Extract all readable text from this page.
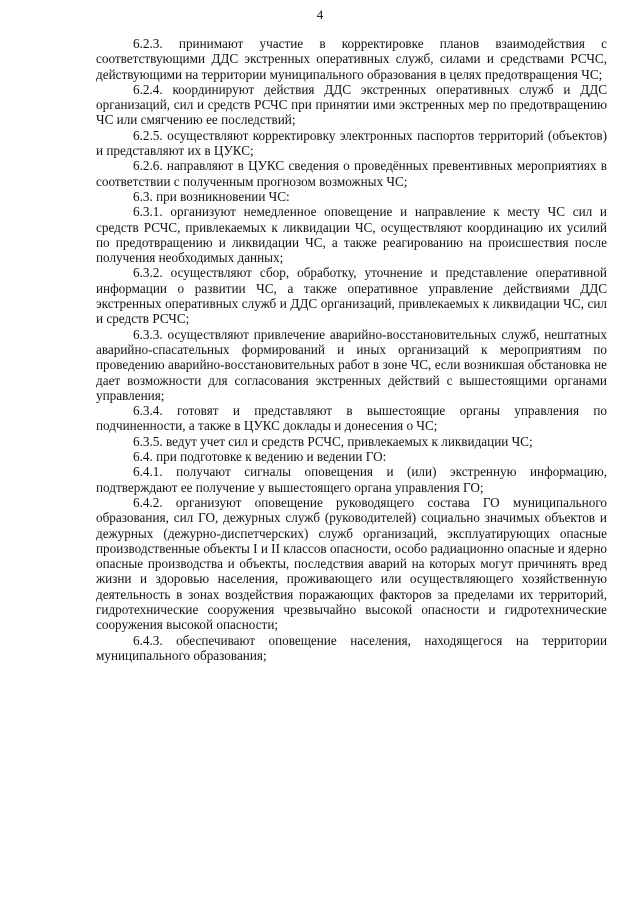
4

6.2.3. принимают участие в корректировке планов взаимодействия с соответствующими ДДС экстренных оперативных служб, силами и средствами РСЧС, действующими на территории муниципального образования в целях предотвращения ЧС;

6.2.4. координируют действия ДДС экстренных оперативных служб и ДДС организаций, сил и средств РСЧС при принятии ими экстренных мер по предотвращению ЧС или смягчению ее последствий;

6.2.5. осуществляют корректировку электронных паспортов территорий (объектов) и представляют их в ЦУКС;

6.2.6. направляют в ЦУКС сведения о проведённых превентивных мероприятиях в соответствии с полученным прогнозом возможных ЧС;

6.3. при возникновении ЧС:

6.3.1. организуют немедленное оповещение и направление к месту ЧС сил и средств РСЧС, привлекаемых к ликвидации ЧС, осуществляют координацию их усилий по предотвращению и ликвидации ЧС, а также реагированию на происшествия после получения необходимых данных;

6.3.2. осуществляют сбор, обработку, уточнение и представление оперативной информации о развитии ЧС, а также оперативное управление действиями ДДС экстренных оперативных служб и ДДС организаций, привлекаемых к ликвидации ЧС, сил и средств РСЧС;

6.3.3. осуществляют привлечение аварийно-восстановительных служб, нештатных аварийно-спасательных формирований и иных организаций к мероприятиям по проведению аварийно-восстановительных работ в зоне ЧС, если возникшая обстановка не дает возможности для согласования экстренных действий с вышестоящими органами управления;

6.3.4. готовят и представляют в вышестоящие органы управления по подчиненности, а также в ЦУКС доклады и донесения о ЧС;

6.3.5. ведут учет сил и средств РСЧС, привлекаемых к ликвидации ЧС;

6.4. при подготовке к ведению и ведении ГО:

6.4.1. получают сигналы оповещения и (или) экстренную информацию, подтверждают ее получение у вышестоящего органа управления ГО;

6.4.2. организуют оповещение руководящего состава ГО муниципального образования, сил ГО, дежурных служб (руководителей) социально значимых объектов и дежурных (дежурно-диспетчерских) служб организаций, эксплуатирующих опасные производственные объекты I и II классов опасности, особо радиационно опасные и ядерно опасные производства и объекты, последствия аварий на которых могут причинять вред жизни и здоровью населения, проживающего или осуществляющего хозяйственную деятельность в зонах воздействия поражающих факторов за пределами их территорий, гидротехнические сооружения чрезвычайно высокой опасности и гидротехнические сооружения высокой опасности;

6.4.3. обеспечивают оповещение населения, находящегося на территории муниципального образования;
